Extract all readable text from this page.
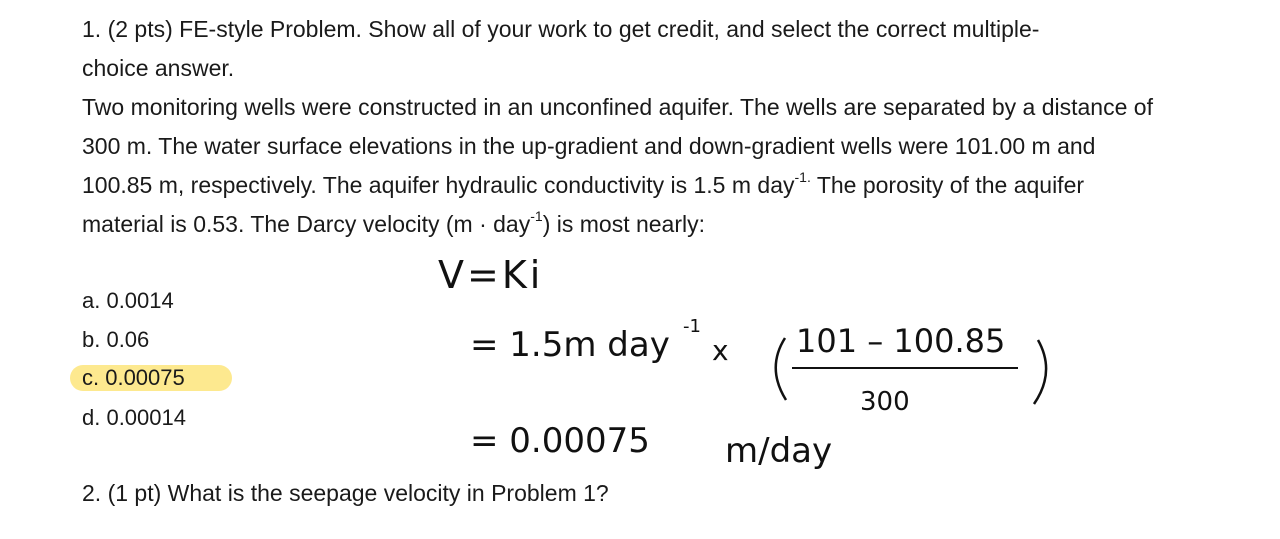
1. (2 pts) FE-style Problem. Show all of your work to get credit, and select the correct multiple-
choice answer.

Two monitoring wells were constructed in an unconfined aquifer. The wells are separated by a distance of 300 m. The water surface elevations in the up-gradient and down-gradient wells were 101.00 m and 100.85 m, respectively. The aquifer hydraulic conductivity is 1.5 m day$^{-1.}$ The porosity of the aquifer material is 0.53. The Darcy velocity (m · day$^{-1}$) is most nearly:

a. 0.0014
b. 0.06
c. 0.00075
d. 0.00014
V=Ki
= 1.5m day -1
x 101 – 100.85
300
= 0.00075 m/day
2. (1 pt) What is the seepage velocity in Problem 1?
